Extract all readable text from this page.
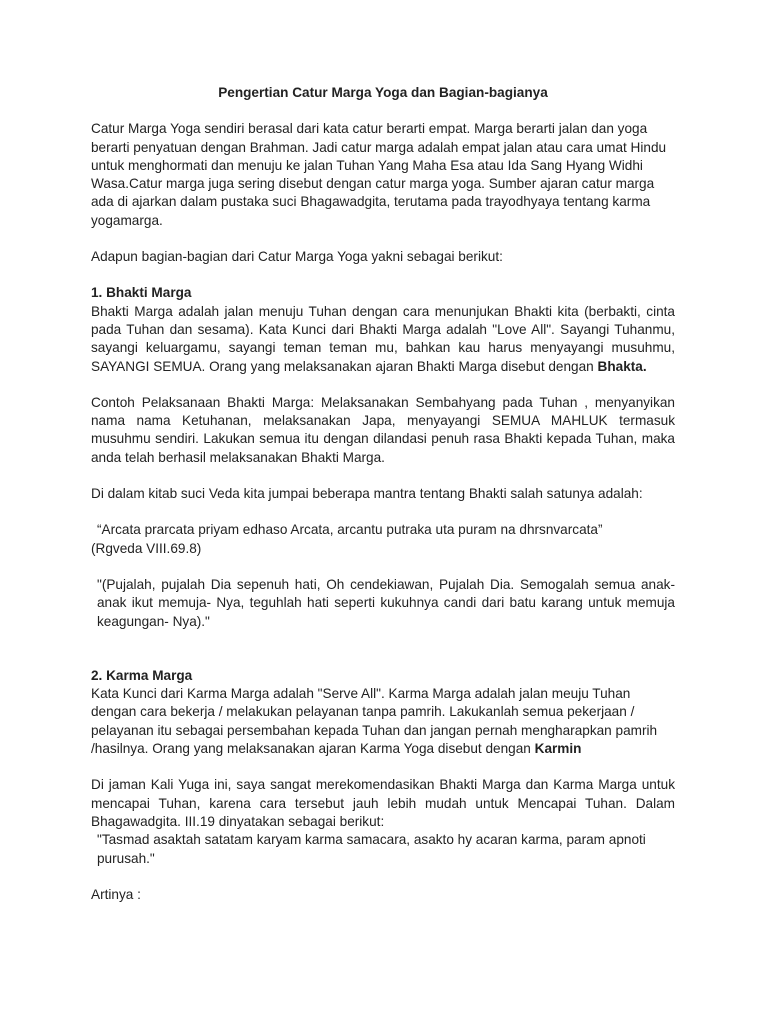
Pengertian Catur Marga Yoga dan Bagian-bagianya

Catur Marga Yoga sendiri berasal dari kata catur berarti empat. Marga berarti jalan dan yoga berarti penyatuan dengan Brahman. Jadi catur marga adalah empat jalan atau cara umat Hindu untuk menghormati dan menuju ke jalan Tuhan Yang Maha Esa atau Ida Sang Hyang Widhi Wasa.Catur marga juga sering disebut dengan catur marga yoga. Sumber ajaran catur marga ada di ajarkan dalam pustaka suci Bhagawadgita, terutama pada trayodhyaya tentang karma yogamarga.

Adapun bagian-bagian dari Catur Marga Yoga yakni sebagai berikut:

1. Bhakti Marga

Bhakti Marga adalah jalan menuju Tuhan dengan cara menunjukan Bhakti kita (berbakti, cinta pada Tuhan dan sesama). Kata Kunci dari Bhakti Marga adalah "Love All". Sayangi Tuhanmu, sayangi keluargamu, sayangi teman teman mu, bahkan kau harus menyayangi musuhmu, SAYANGI SEMUA. Orang yang melaksanakan ajaran Bhakti Marga disebut dengan Bhakta.

Contoh Pelaksanaan Bhakti Marga: Melaksanakan Sembahyang pada Tuhan , menyanyikan nama nama Ketuhanan, melaksanakan Japa, menyayangi SEMUA MAHLUK termasuk musuhmu sendiri. Lakukan semua itu dengan dilandasi penuh rasa Bhakti kepada Tuhan, maka anda telah berhasil melaksanakan Bhakti Marga.

Di dalam kitab suci Veda kita jumpai beberapa mantra tentang Bhakti salah satunya adalah:

“Arcata prarcata priyam edhaso Arcata, arcantu putraka uta puram na dhrsnvarcata”
(Rgveda VIII.69.8)

"(Pujalah, pujalah Dia sepenuh hati, Oh cendekiawan, Pujalah Dia. Semogalah semua anak- anak ikut memuja- Nya, teguhlah hati seperti kukuhnya candi dari batu karang untuk memuja keagungan- Nya)."

2. Karma Marga

Kata Kunci dari Karma Marga adalah "Serve All". Karma Marga adalah jalan meuju Tuhan dengan cara bekerja / melakukan pelayanan tanpa pamrih. Lakukanlah semua pekerjaan / pelayanan itu sebagai persembahan kepada Tuhan dan jangan pernah mengharapkan pamrih /hasilnya. Orang yang melaksanakan ajaran Karma Yoga disebut dengan Karmin

Di jaman Kali Yuga ini, saya sangat merekomendasikan Bhakti Marga dan Karma Marga untuk mencapai Tuhan, karena cara tersebut jauh lebih mudah untuk Mencapai Tuhan. Dalam Bhagawadgita. III.19 dinyatakan sebagai berikut:

"Tasmad asaktah satatam karyam karma samacara, asakto hy acaran karma, param apnoti purusah."

Artinya :
